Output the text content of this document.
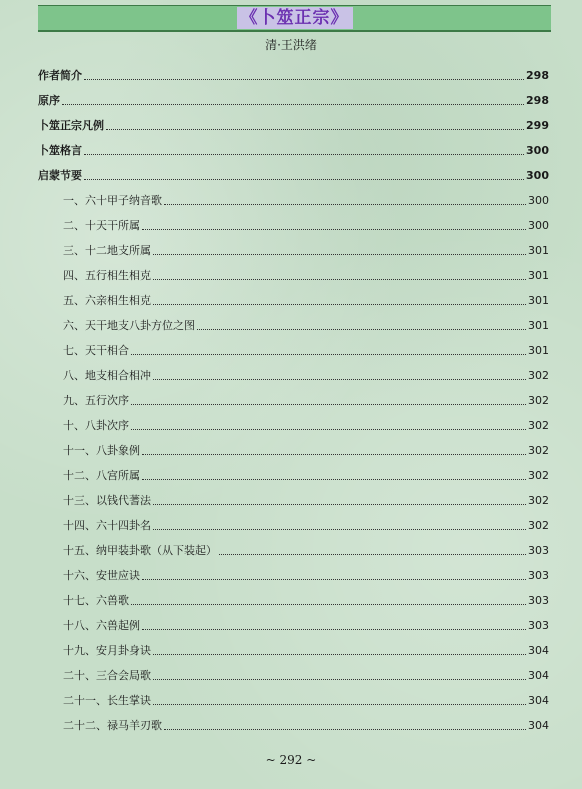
《卜筮正宗》
清·王洪绪
作者简介	298
原序	298
卜筮正宗凡例	299
卜筮格言	300
启蒙节要	300
一、六十甲子纳音歌	300
二、十天干所属	300
三、十二地支所属	301
四、五行相生相克	301
五、六亲相生相克	301
六、天干地支八卦方位之图	301
七、天干相合	301
八、地支相合相冲	302
九、五行次序	302
十、八卦次序	302
十一、八卦象例	302
十二、八宫所属	302
十三、以钱代蓍法	302
十四、六十四卦名	302
十五、纳甲装卦歌（从下装起）	303
十六、安世应诀	303
十七、六兽歌	303
十八、六兽起例	303
十九、安月卦身诀	304
二十、三合会局歌	304
二十一、长生掌诀	304
二十二、禄马羊刃歌	304
~ 292 ~
